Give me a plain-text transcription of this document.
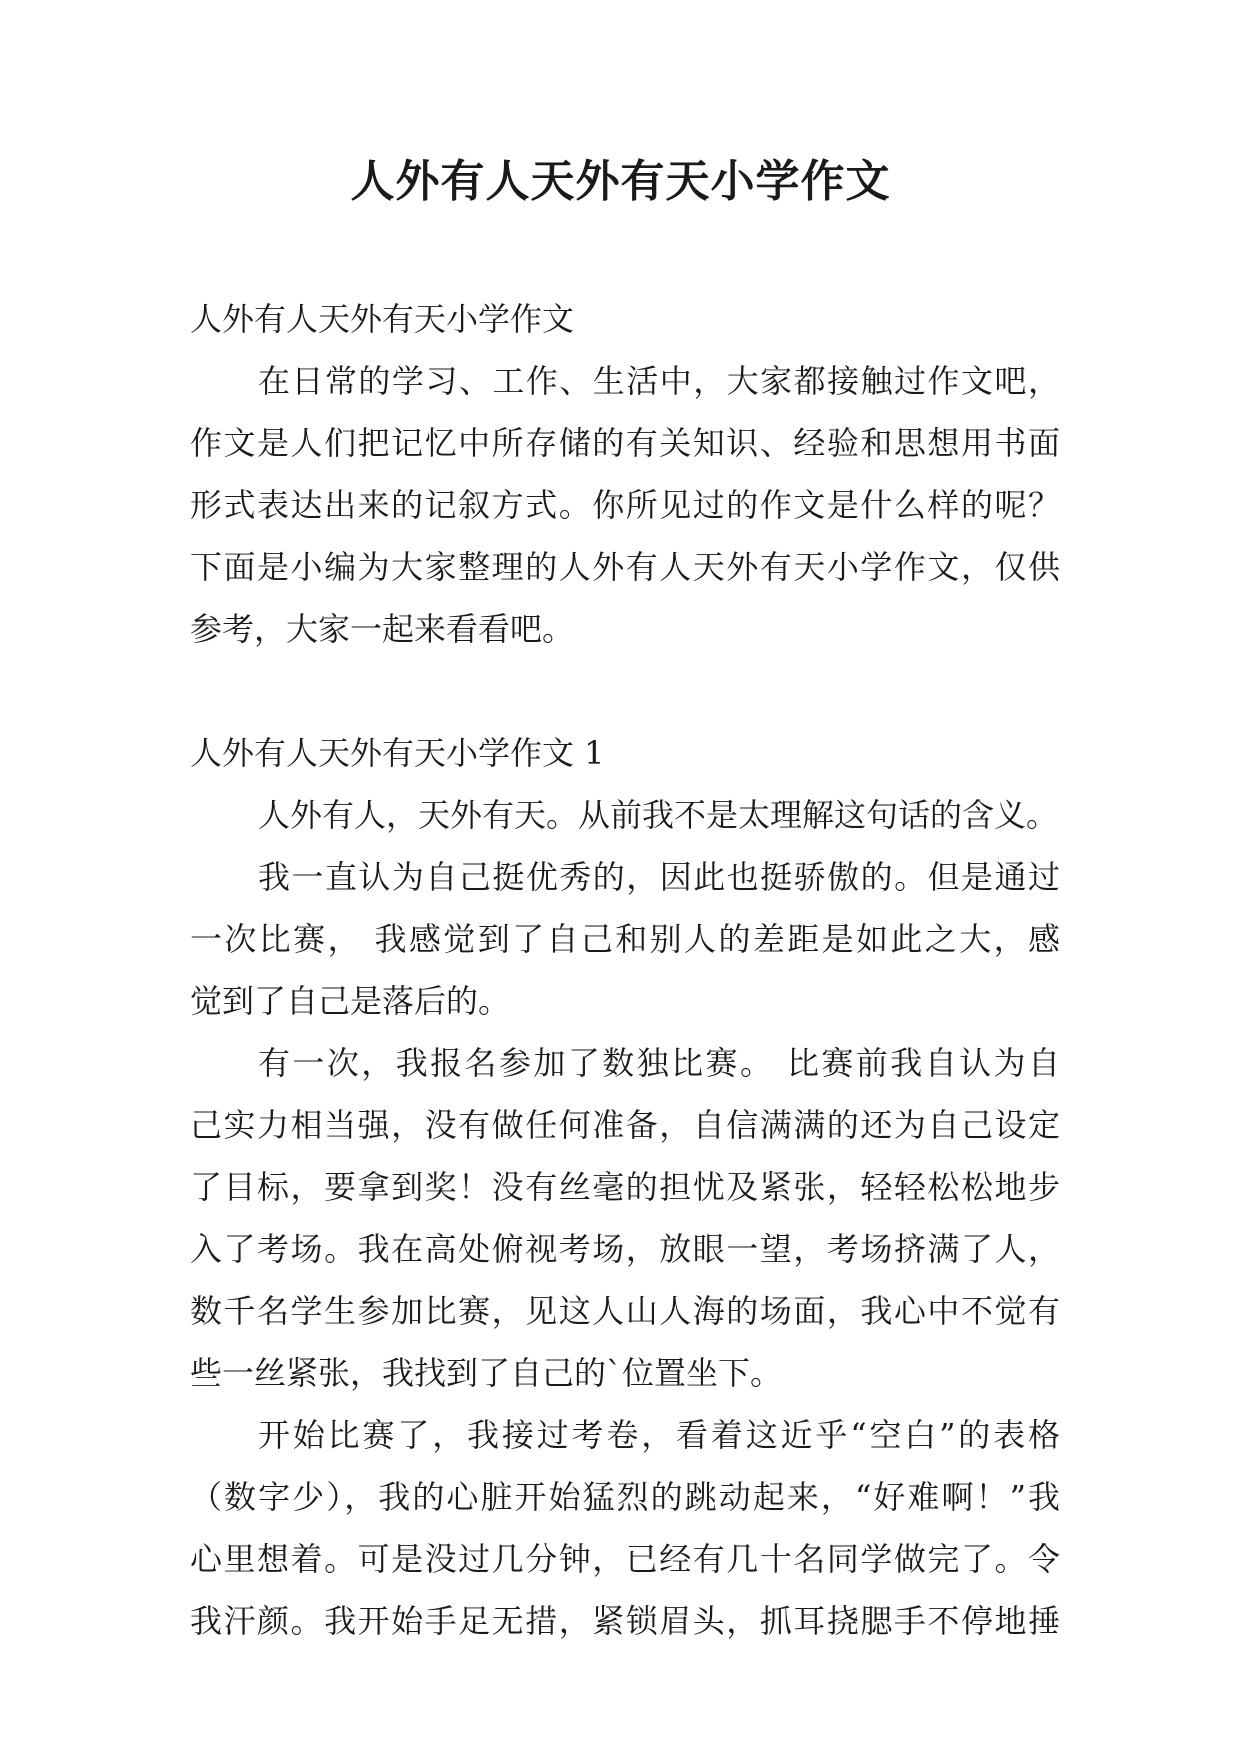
人外有人天外有天小学作文
人外有人天外有天小学作文
在日常的学习、工作、生活中，大家都接触过作文吧，
作文是人们把记忆中所存储的有关知识、经验和思想用书面
形式表达出来的记叙方式。你所见过的作文是什么样的呢？
下面是小编为大家整理的人外有人天外有天小学作文，仅供
参考，大家一起来看看吧。
人外有人天外有天小学作文 1
人外有人，天外有天。从前我不是太理解这句话的含义。
我一直认为自己挺优秀的，因此也挺骄傲的。但是通过
一次比赛， 我感觉到了自己和别人的差距是如此之大，感
觉到了自己是落后的。
有一次，我报名参加了数独比赛。 比赛前我自认为自
己实力相当强，没有做任何准备，自信满满的还为自己设定
了目标，要拿到奖！没有丝毫的担忧及紧张，轻轻松松地步
入了考场。我在高处俯视考场，放眼一望，考场挤满了人，
数千名学生参加比赛，见这人山人海的场面，我心中不觉有
些一丝紧张，我找到了自己的`位置坐下。
开始比赛了，我接过考卷，看着这近乎“空白”的表格
（数字少），我的心脏开始猛烈的跳动起来，“好难啊！”我
心里想着。可是没过几分钟，已经有几十名同学做完了。令
我汗颜。我开始手足无措，紧锁眉头，抓耳挠腮手不停地捶
